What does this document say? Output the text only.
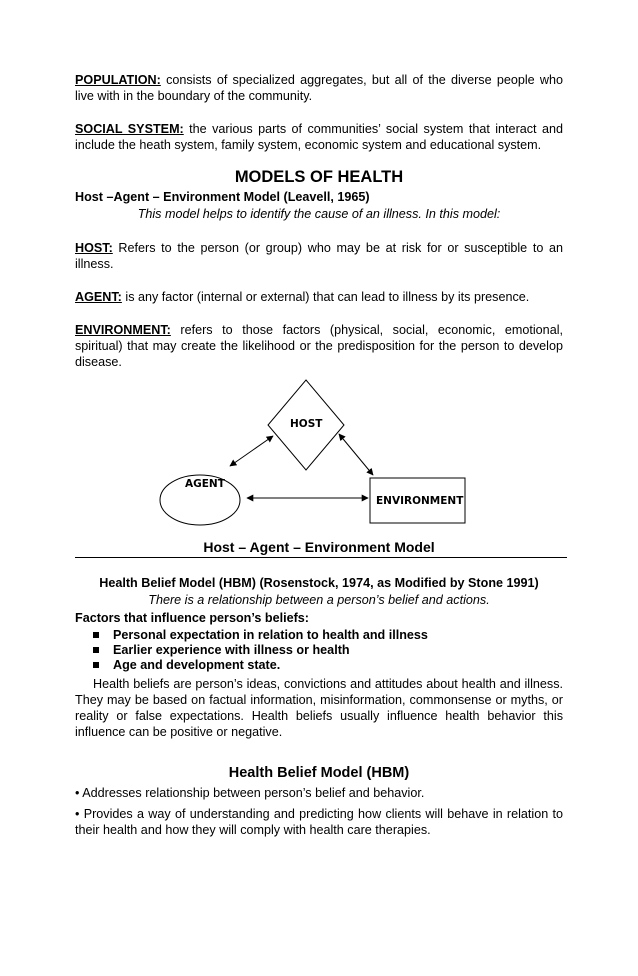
POPULATION: consists of specialized aggregates, but all of the diverse people who live with in the boundary of the community.

SOCIAL SYSTEM: the various parts of communities’ social system that interact and include the heath system, family system, economic system and educational system.

MODELS OF HEALTH
Host –Agent – Environment Model (Leavell, 1965)
This model helps to identify the cause of an illness. In this model:

HOST: Refers to the person (or group) who may be at risk for or susceptible to an illness.

AGENT: is any factor (internal or external) that can lead to illness by its presence.

ENVIRONMENT: refers to those factors (physical, social, economic, emotional, spiritual) that may create the likelihood or the predisposition for the person to develop disease.

HOST
AGENT
ENVIRONMENT
Host – Agent – Environment Model
Health Belief Model (HBM) (Rosenstock, 1974, as Modified by Stone 1991)
There is a relationship between a person’s belief and actions.
Factors that influence person’s beliefs:
Personal expectation in relation to health and illness
Earlier experience with illness or health
Age and development state.

Health beliefs are person’s ideas, convictions and attitudes about health and illness. They may be based on factual information, misinformation, commonsense or myths, or reality or false expectations. Health beliefs usually influence health behavior this influence can be positive or negative.

Health Belief Model (HBM)

• Addresses relationship between person’s belief and behavior.

• Provides a way of understanding and predicting how clients will behave in relation to their health and how they will comply with health care therapies.
